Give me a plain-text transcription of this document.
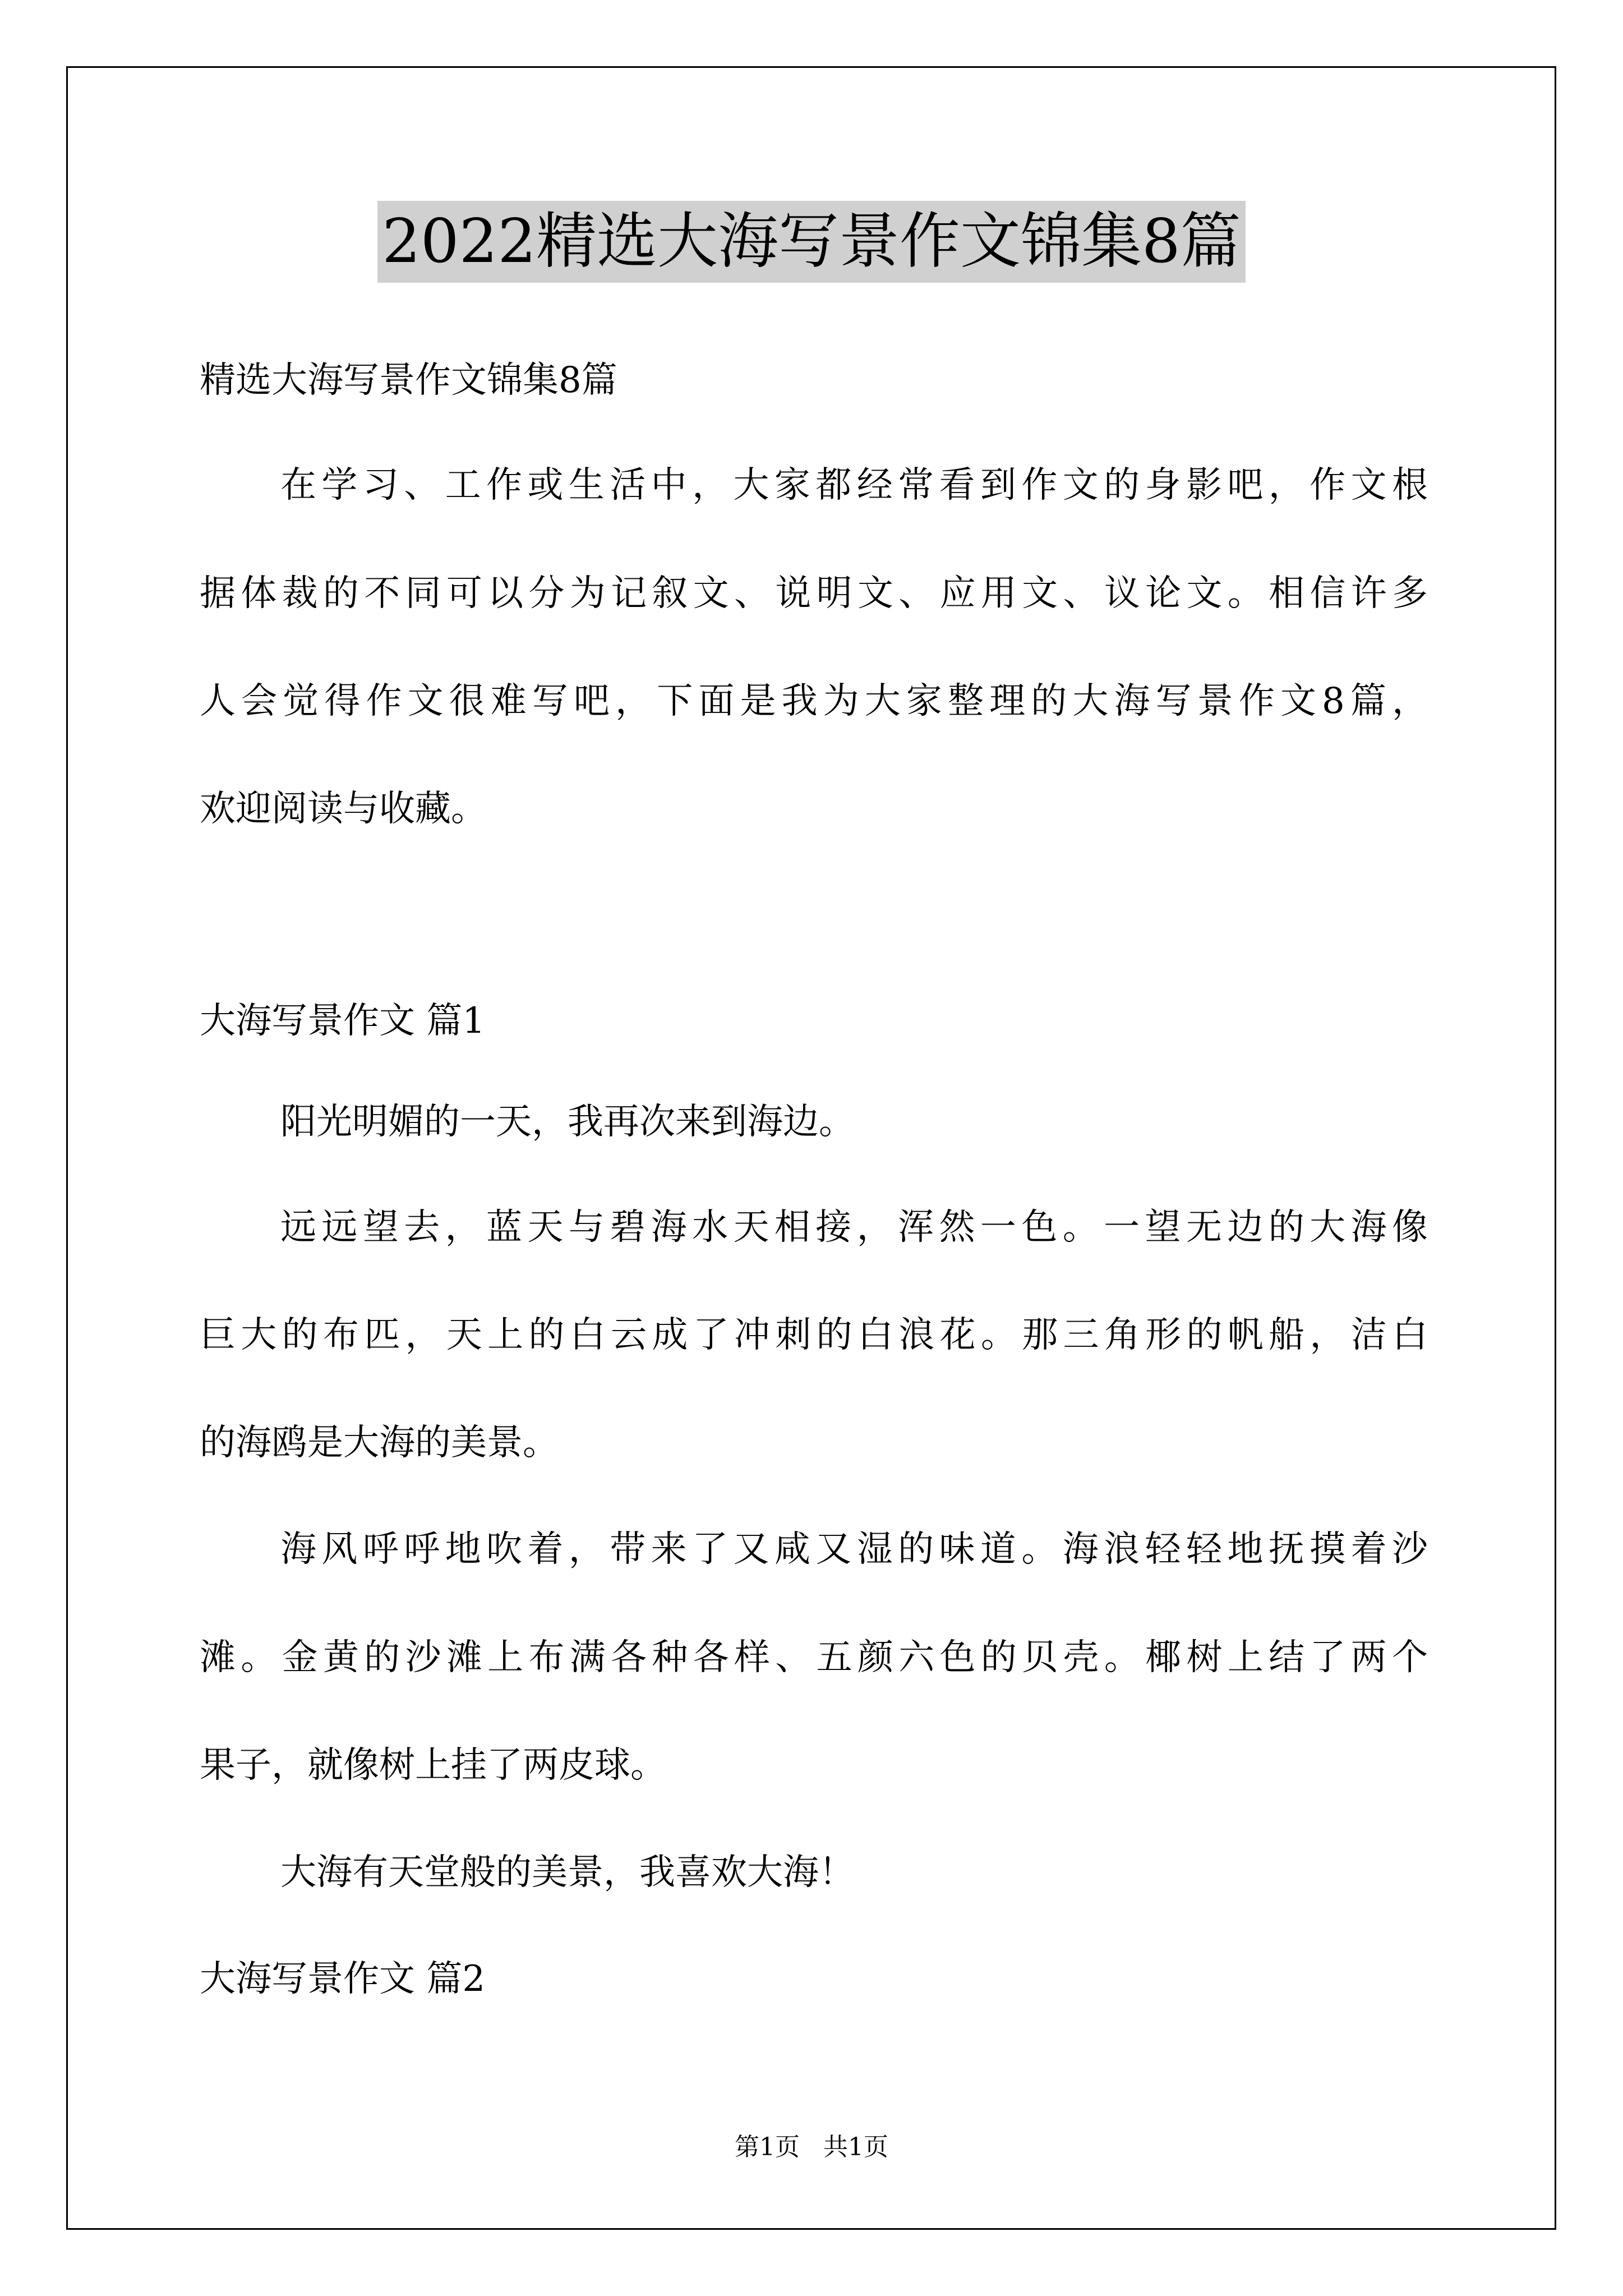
2022精选大海写景作文锦集8篇
精选大海写景作文锦集8篇
在学习、工作或生活中，大家都经常看到作文的身影吧，作文根
据体裁的不同可以分为记叙文、说明文、应用文、议论文。相信许多
人会觉得作文很难写吧，下面是我为大家整理的大海写景作文8篇，
欢迎阅读与收藏。
大海写景作文 篇1
阳光明媚的一天，我再次来到海边。
远远望去，蓝天与碧海水天相接，浑然一色。一望无边的大海像
巨大的布匹，天上的白云成了冲刺的白浪花。那三角形的帆船，洁白
的海鸥是大海的美景。
海风呼呼地吹着，带来了又咸又湿的味道。海浪轻轻地抚摸着沙
滩。金黄的沙滩上布满各种各样、五颜六色的贝壳。椰树上结了两个
果子，就像树上挂了两皮球。
大海有天堂般的美景，我喜欢大海！
大海写景作文 篇2
第1页   共1页
